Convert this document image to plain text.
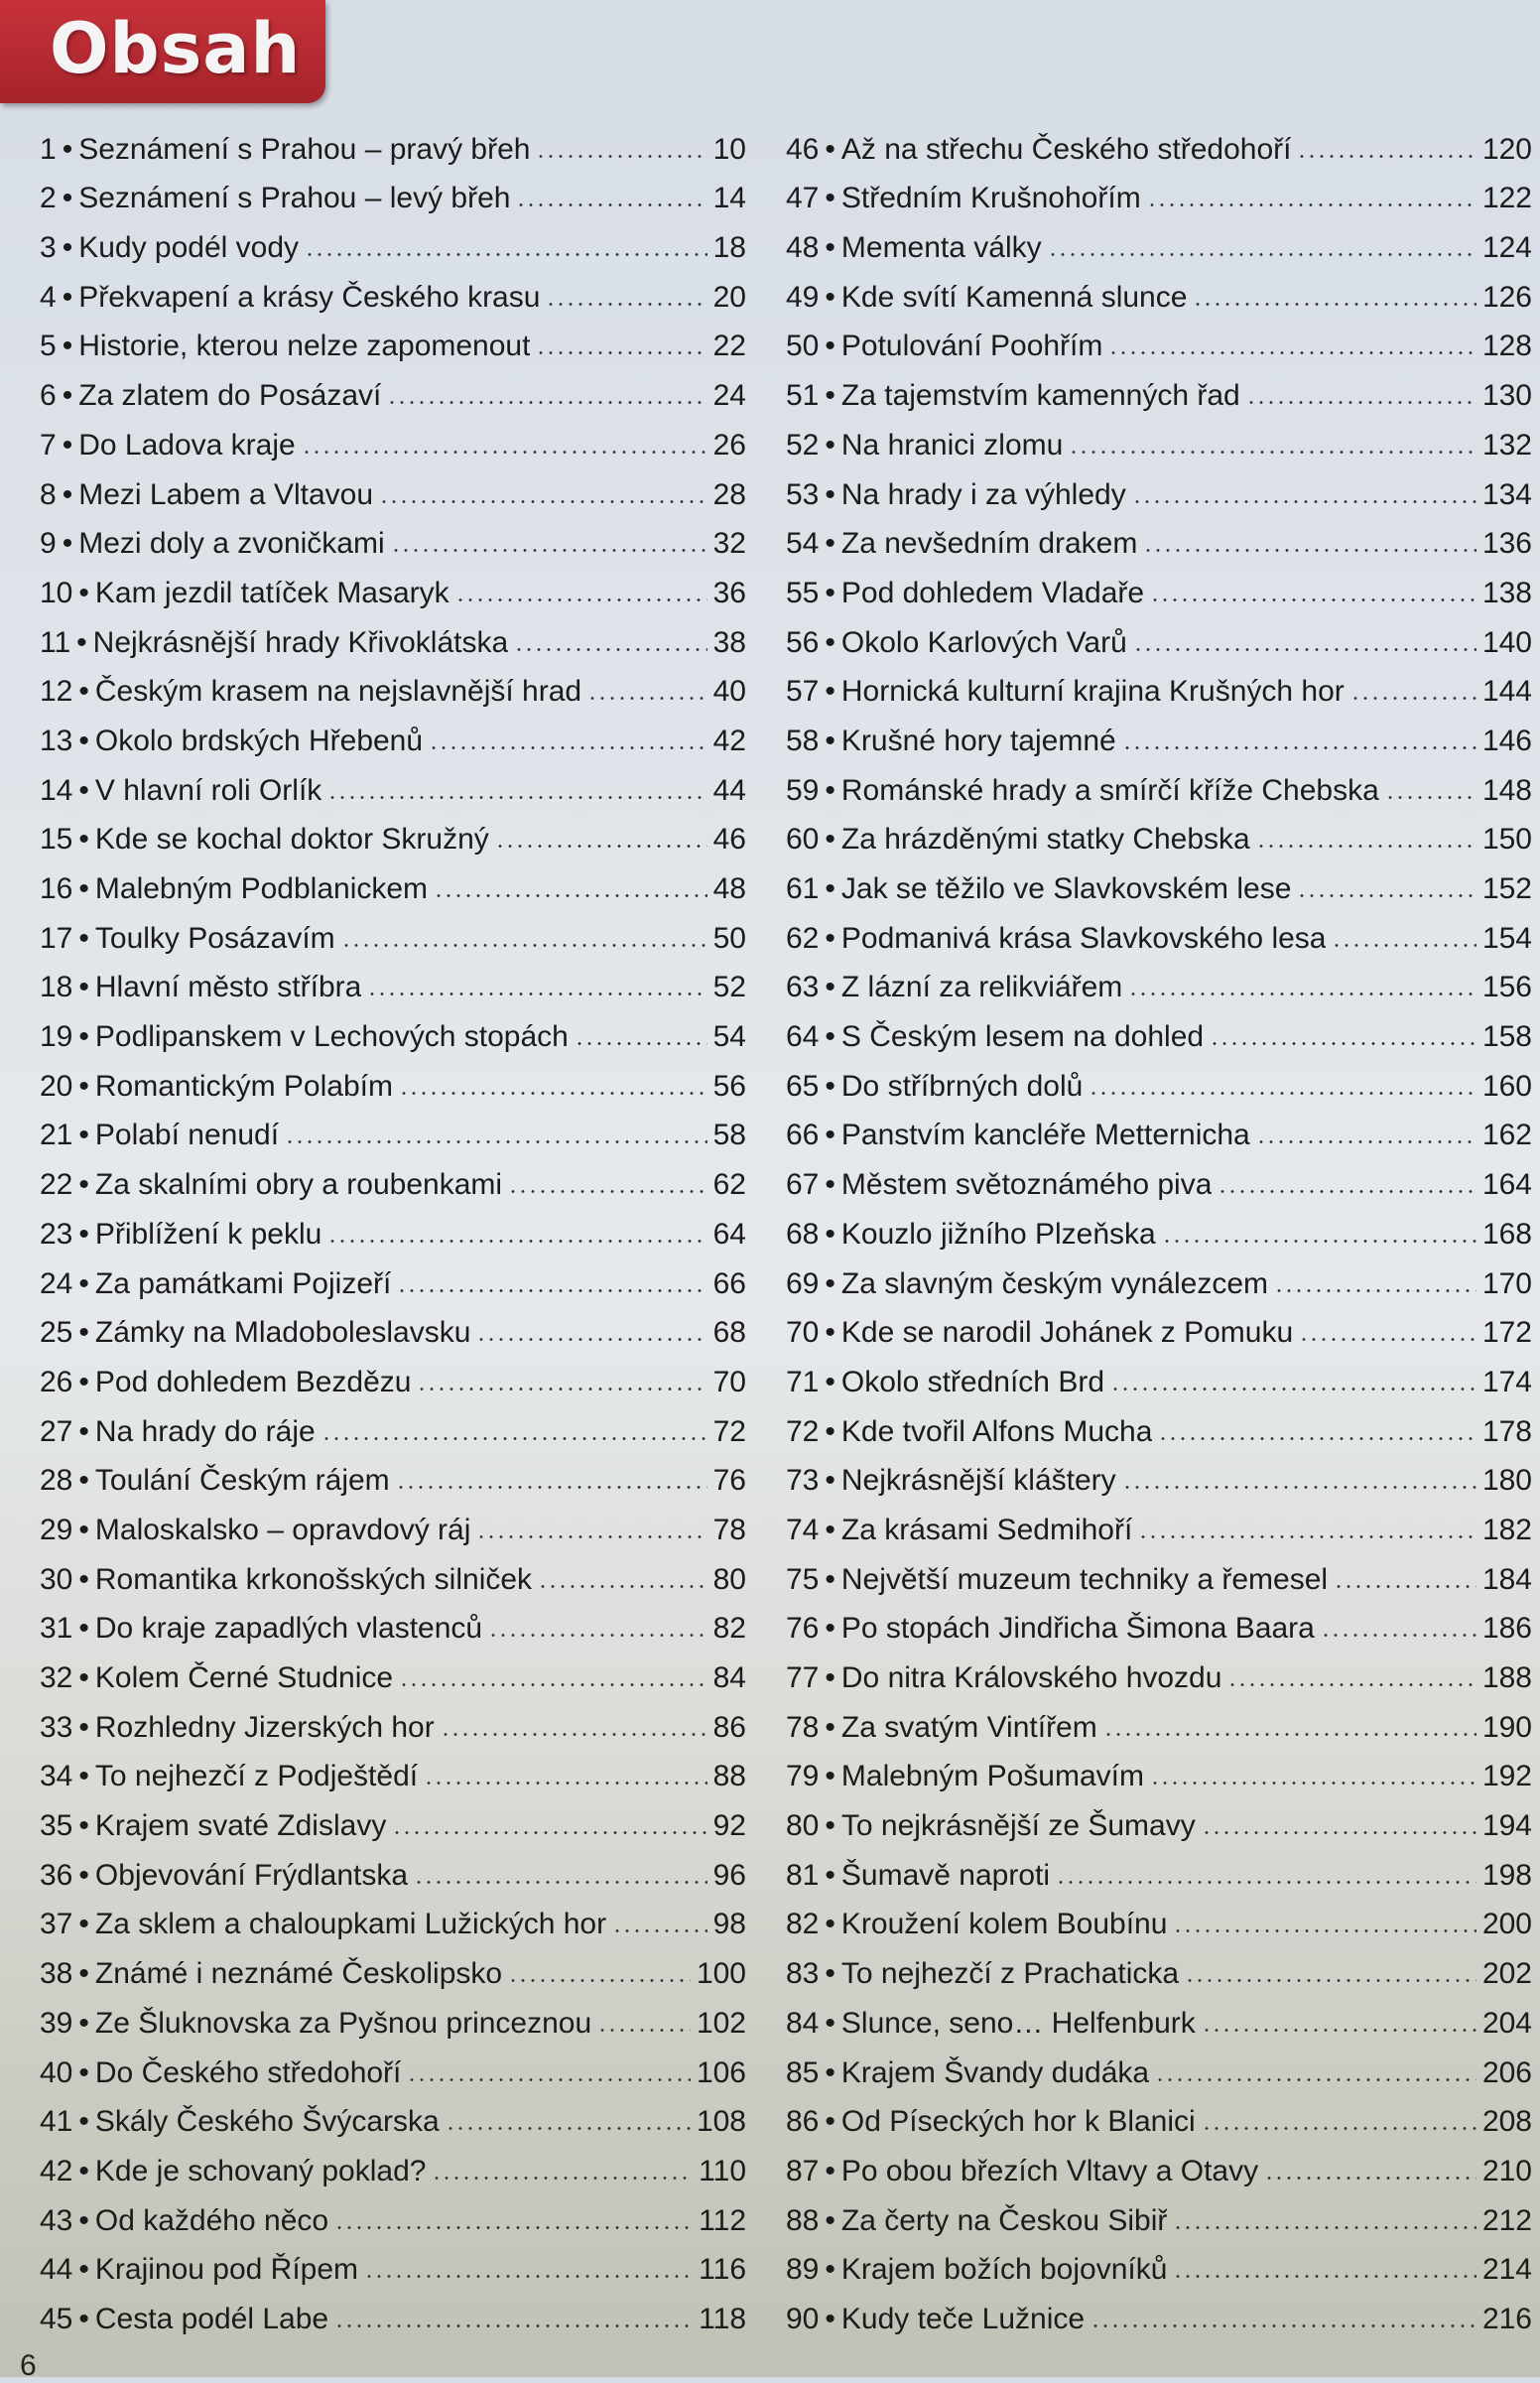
Obsah
1 • Seznámení s Prahou – pravý břeh	10
2 • Seznámení s Prahou – levý břeh	14
3 • Kudy podél vody	18
4 • Překvapení a krásy Českého krasu	20
5 • Historie, kterou nelze zapomenout	22
6 • Za zlatem do Posázaví	24
7 • Do Ladova kraje	26
8 • Mezi Labem a Vltavou	28
9 • Mezi doly a zvoničkami	32
10 • Kam jezdil tatíček Masaryk	36
11 • Nejkrásnější hrady Křivoklátska	38
12 • Českým krasem na nejslavnější hrad	40
13 • Okolo brdských Hřebenů	42
14 • V hlavní roli Orlík	44
15 • Kde se kochal doktor Skružný	46
16 • Malebným Podblanickem	48
17 • Toulky Posázavím	50
18 • Hlavní město stříbra	52
19 • Podlipanskem v Lechových stopách	54
20 • Romantickým Polabím	56
21 • Polabí nenudí	58
22 • Za skalními obry a roubenkami	62
23 • Přiblížení k peklu	64
24 • Za památkami Pojizeří	66
25 • Zámky na Mladoboleslavsku	68
26 • Pod dohledem Bezdězu	70
27 • Na hrady do ráje	72
28 • Toulání Českým rájem	76
29 • Maloskalsko – opravdový ráj	78
30 • Romantika krkonošských silniček	80
31 • Do kraje zapadlých vlastenců	82
32 • Kolem Černé Studnice	84
33 • Rozhledny Jizerských hor	86
34 • To nejhezčí z Podještědí	88
35 • Krajem svaté Zdislavy	92
36 • Objevování Frýdlantska	96
37 • Za sklem a chaloupkami Lužických hor	98
38 • Známé i neznámé Českolipsko	100
39 • Ze Šluknovska za Pyšnou princeznou	102
40 • Do Českého středohoří	106
41 • Skály Českého Švýcarska	108
42 • Kde je schovaný poklad?	110
43 • Od každého něco	112
44 • Krajinou pod Řípem	116
45 • Cesta podél Labe	118
46 • Až na střechu Českého středohoří	120
47 • Středním Krušnohořím	122
48 • Mementa války	124
49 • Kde svítí Kamenná slunce	126
50 • Potulování Poohřím	128
51 • Za tajemstvím kamenných řad	130
52 • Na hranici zlomu	132
53 • Na hrady i za výhledy	134
54 • Za nevšedním drakem	136
55 • Pod dohledem Vladaře	138
56 • Okolo Karlových Varů	140
57 • Hornická kulturní krajina Krušných hor	144
58 • Krušné hory tajemné	146
59 • Románské hrady a smírčí kříže Chebska	148
60 • Za hrázděnými statky Chebska	150
61 • Jak se těžilo ve Slavkovském lese	152
62 • Podmanivá krása Slavkovského lesa	154
63 • Z lázní za relikviářem	156
64 • S Českým lesem na dohled	158
65 • Do stříbrných dolů	160
66 • Panstvím kancléře Metternicha	162
67 • Městem světoznámého piva	164
68 • Kouzlo jižního Plzeňska	168
69 • Za slavným českým vynálezcem	170
70 • Kde se narodil Johánek z Pomuku	172
71 • Okolo středních Brd	174
72 • Kde tvořil Alfons Mucha	178
73 • Nejkrásnější kláštery	180
74 • Za krásami Sedmihoří	182
75 • Největší muzeum techniky a řemesel	184
76 • Po stopách Jindřicha Šimona Baara	186
77 • Do nitra Královského hvozdu	188
78 • Za svatým Vintířem	190
79 • Malebným Pošumavím	192
80 • To nejkrásnější ze Šumavy	194
81 • Šumavě naproti	198
82 • Kroužení kolem Boubínu	200
83 • To nejhezčí z Prachaticka	202
84 • Slunce, seno… Helfenburk	204
85 • Krajem Švandy dudáka	206
86 • Od Píseckých hor k Blanici	208
87 • Po obou březích Vltavy a Otavy	210
88 • Za čerty na Českou Sibiř	212
89 • Krajem božích bojovníků	214
90 • Kudy teče Lužnice	216
6
